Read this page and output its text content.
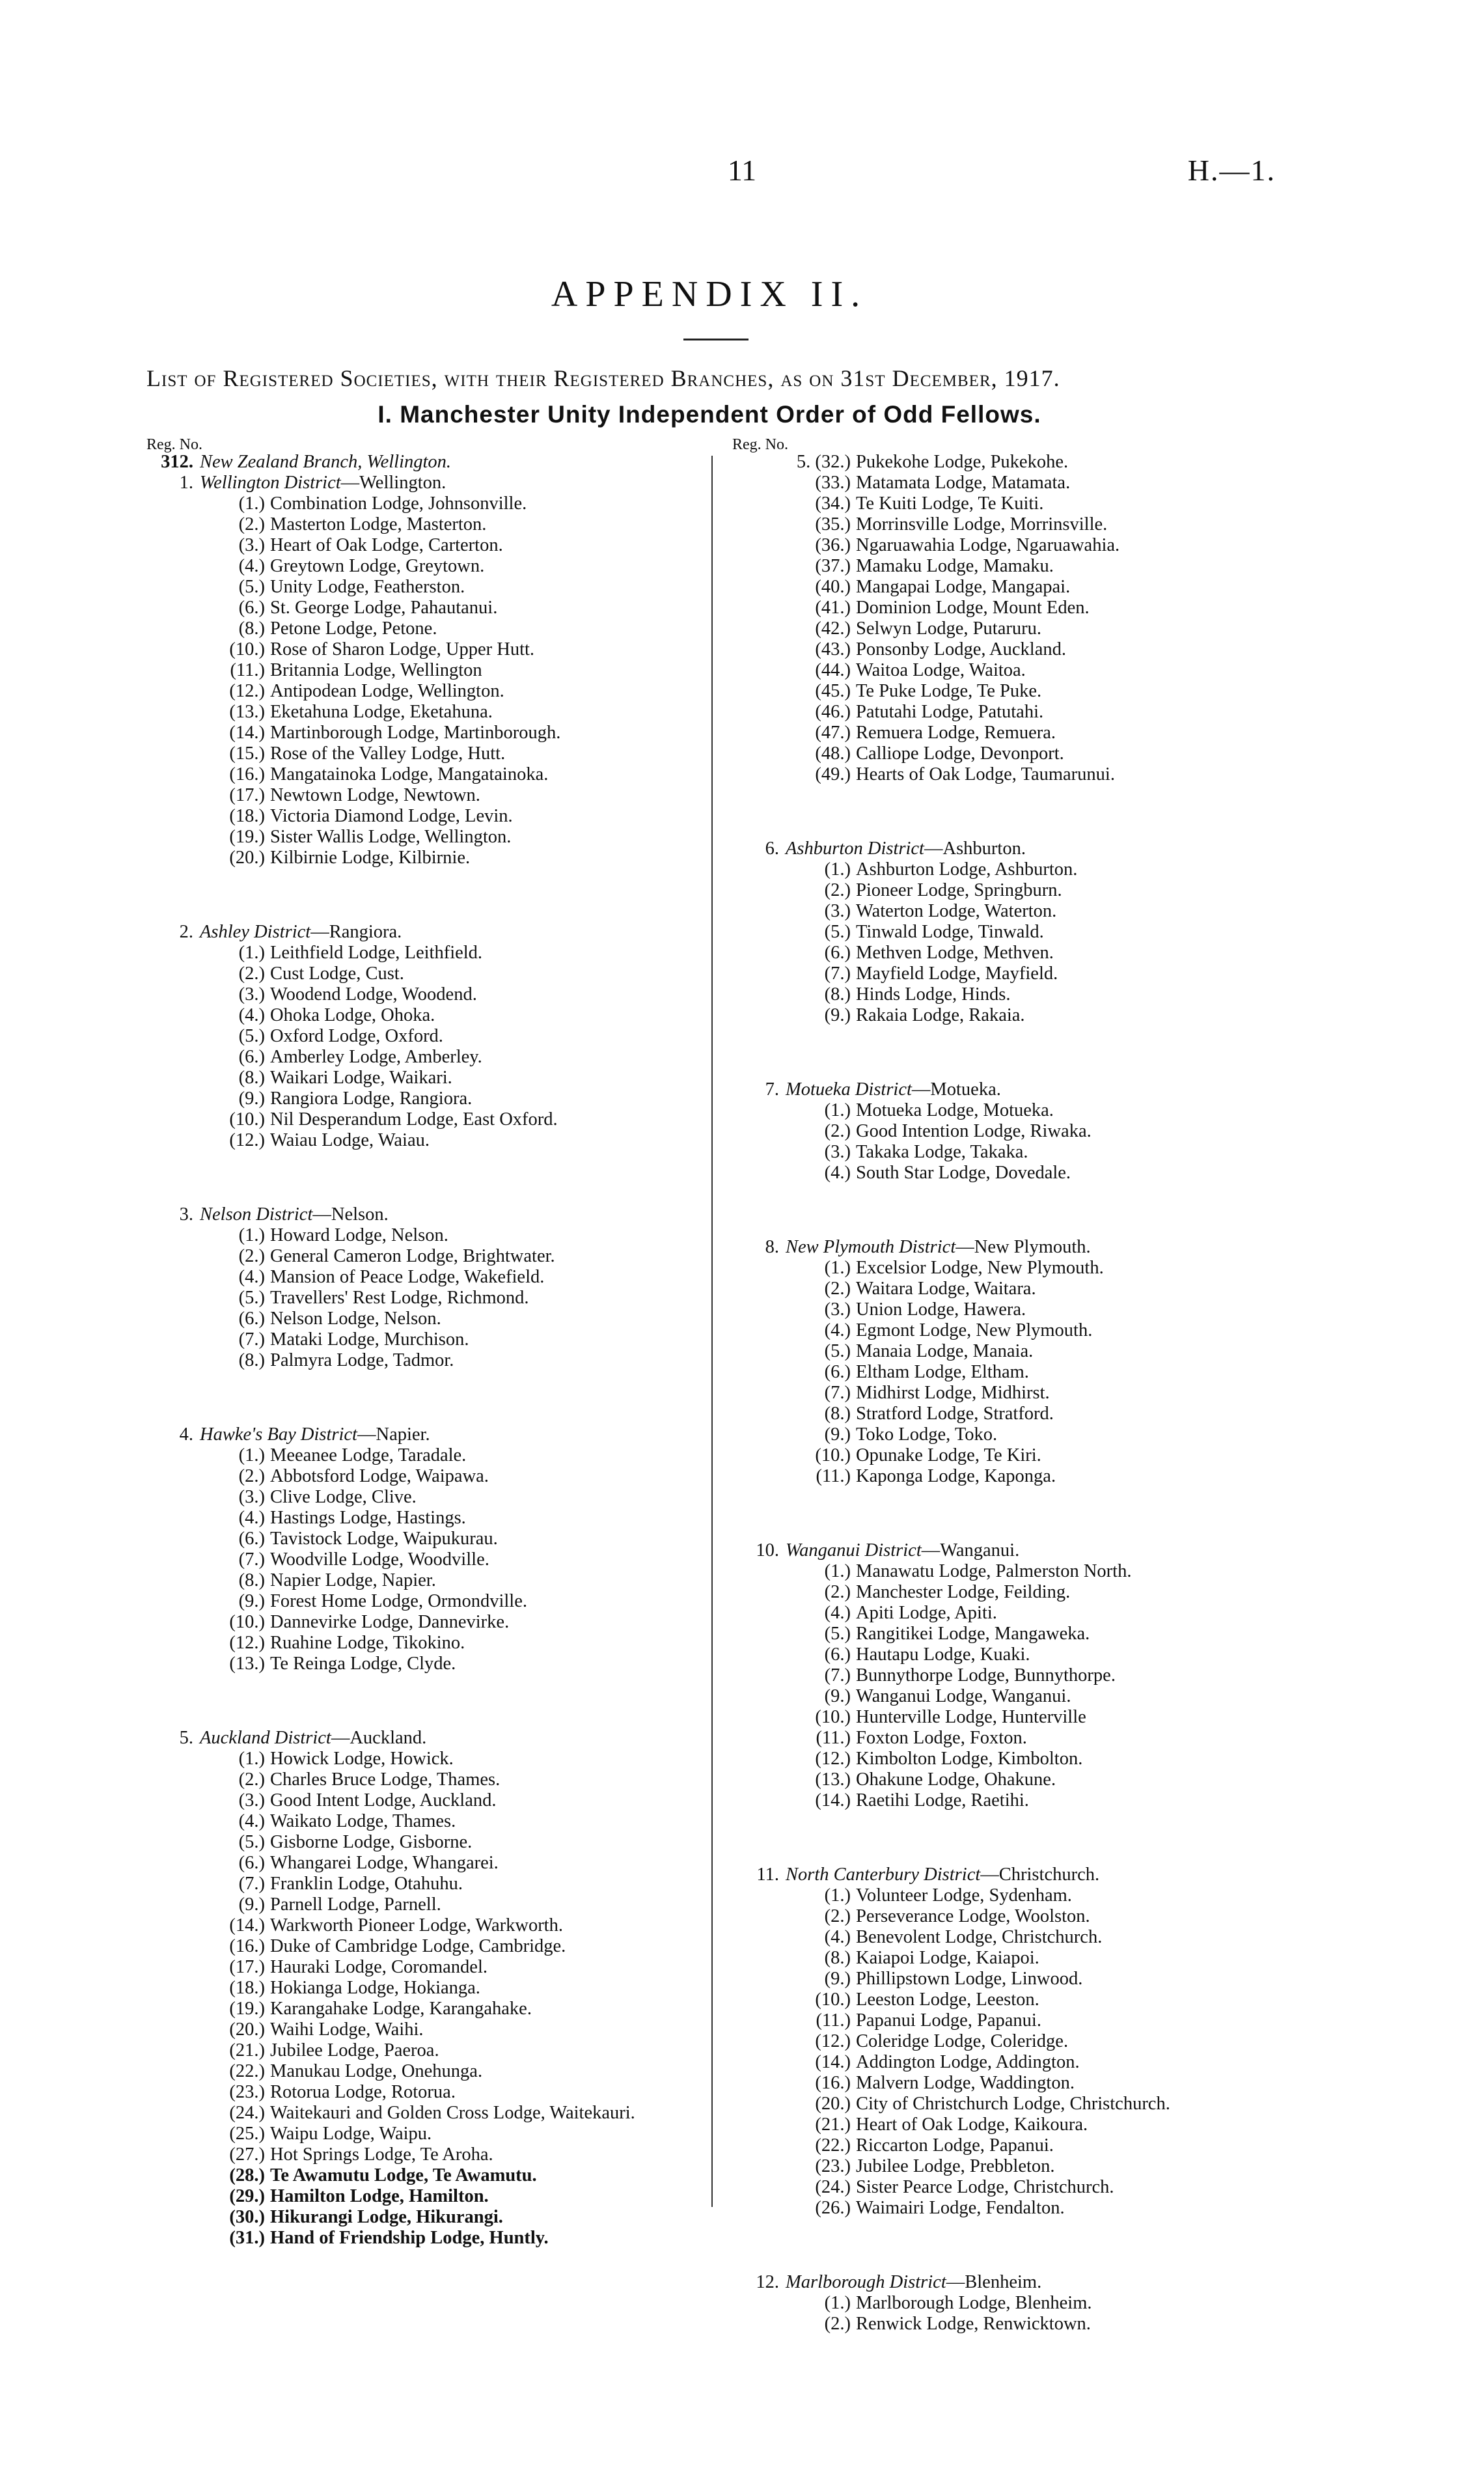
11	H.—1.
APPENDIX II.
List of Registered Societies, with their Registered Branches, as on 31st December, 1917.
I. Manchester Unity Independent Order of Odd Fellows.
Reg. No.	Reg. No.
312. New Zealand Branch, Wellington.
1. Wellington District—Wellington.
(1.) Combination Lodge, Johnsonville.
(2.) Masterton Lodge, Masterton.
(3.) Heart of Oak Lodge, Carterton.
(4.) Greytown Lodge, Greytown.
(5.) Unity Lodge, Featherston.
(6.) St. George Lodge, Pahautanui.
(8.) Petone Lodge, Petone.
(10.) Rose of Sharon Lodge, Upper Hutt.
(11.) Britannia Lodge, Wellington
(12.) Antipodean Lodge, Wellington.
(13.) Eketahuna Lodge, Eketahuna.
(14.) Martinborough Lodge, Martinborough.
(15.) Rose of the Valley Lodge, Hutt.
(16.) Mangatainoka Lodge, Mangatainoka.
(17.) Newtown Lodge, Newtown.
(18.) Victoria Diamond Lodge, Levin.
(19.) Sister Wallis Lodge, Wellington.
(20.) Kilbirnie Lodge, Kilbirnie.
2. Ashley District—Rangiora.
(1.) Leithfield Lodge, Leithfield.
(2.) Cust Lodge, Cust.
(3.) Woodend Lodge, Woodend.
(4.) Ohoka Lodge, Ohoka.
(5.) Oxford Lodge, Oxford.
(6.) Amberley Lodge, Amberley.
(8.) Waikari Lodge, Waikari.
(9.) Rangiora Lodge, Rangiora.
(10.) Nil Desperandum Lodge, East Oxford.
(12.) Waiau Lodge, Waiau.
3. Nelson District—Nelson.
(1.) Howard Lodge, Nelson.
(2.) General Cameron Lodge, Brightwater.
(4.) Mansion of Peace Lodge, Wakefield.
(5.) Travellers' Rest Lodge, Richmond.
(6.) Nelson Lodge, Nelson.
(7.) Mataki Lodge, Murchison.
(8.) Palmyra Lodge, Tadmor.
4. Hawke's Bay District—Napier.
(1.) Meeanee Lodge, Taradale.
(2.) Abbotsford Lodge, Waipawa.
(3.) Clive Lodge, Clive.
(4.) Hastings Lodge, Hastings.
(6.) Tavistock Lodge, Waipukurau.
(7.) Woodville Lodge, Woodville.
(8.) Napier Lodge, Napier.
(9.) Forest Home Lodge, Ormondville.
(10.) Dannevirke Lodge, Dannevirke.
(12.) Ruahine Lodge, Tikokino.
(13.) Te Reinga Lodge, Clyde.
5. Auckland District—Auckland.
(1.) Howick Lodge, Howick.
(2.) Charles Bruce Lodge, Thames.
(3.) Good Intent Lodge, Auckland.
(4.) Waikato Lodge, Thames.
(5.) Gisborne Lodge, Gisborne.
(6.) Whangarei Lodge, Whangarei.
(7.) Franklin Lodge, Otahuhu.
(9.) Parnell Lodge, Parnell.
(14.) Warkworth Pioneer Lodge, Warkworth.
(16.) Duke of Cambridge Lodge, Cambridge.
(17.) Hauraki Lodge, Coromandel.
(18.) Hokianga Lodge, Hokianga.
(19.) Karangahake Lodge, Karangahake.
(20.) Waihi Lodge, Waihi.
(21.) Jubilee Lodge, Paeroa.
(22.) Manukau Lodge, Onehunga.
(23.) Rotorua Lodge, Rotorua.
(24.) Waitekauri and Golden Cross Lodge, Waitekauri.
(25.) Waipu Lodge, Waipu.
(27.) Hot Springs Lodge, Te Aroha.
(28.) Te Awamutu Lodge, Te Awamutu.
(29.) Hamilton Lodge, Hamilton.
(30.) Hikurangi Lodge, Hikurangi.
(31.) Hand of Friendship Lodge, Huntly.
5. (32.) Pukekohe Lodge, Pukekohe.
(33.) Matamata Lodge, Matamata.
(34.) Te Kuiti Lodge, Te Kuiti.
(35.) Morrinsville Lodge, Morrinsville.
(36.) Ngaruawahia Lodge, Ngaruawahia.
(37.) Mamaku Lodge, Mamaku.
(40.) Mangapai Lodge, Mangapai.
(41.) Dominion Lodge, Mount Eden.
(42.) Selwyn Lodge, Putaruru.
(43.) Ponsonby Lodge, Auckland.
(44.) Waitoa Lodge, Waitoa.
(45.) Te Puke Lodge, Te Puke.
(46.) Patutahi Lodge, Patutahi.
(47.) Remuera Lodge, Remuera.
(48.) Calliope Lodge, Devonport.
(49.) Hearts of Oak Lodge, Taumarunui.
6. Ashburton District—Ashburton.
(1.) Ashburton Lodge, Ashburton.
(2.) Pioneer Lodge, Springburn.
(3.) Waterton Lodge, Waterton.
(5.) Tinwald Lodge, Tinwald.
(6.) Methven Lodge, Methven.
(7.) Mayfield Lodge, Mayfield.
(8.) Hinds Lodge, Hinds.
(9.) Rakaia Lodge, Rakaia.
7. Motueka District—Motueka.
(1.) Motueka Lodge, Motueka.
(2.) Good Intention Lodge, Riwaka.
(3.) Takaka Lodge, Takaka.
(4.) South Star Lodge, Dovedale.
8. New Plymouth District—New Plymouth.
(1.) Excelsior Lodge, New Plymouth.
(2.) Waitara Lodge, Waitara.
(3.) Union Lodge, Hawera.
(4.) Egmont Lodge, New Plymouth.
(5.) Manaia Lodge, Manaia.
(6.) Eltham Lodge, Eltham.
(7.) Midhirst Lodge, Midhirst.
(8.) Stratford Lodge, Stratford.
(9.) Toko Lodge, Toko.
(10.) Opunake Lodge, Te Kiri.
(11.) Kaponga Lodge, Kaponga.
10. Wanganui District—Wanganui.
(1.) Manawatu Lodge, Palmerston North.
(2.) Manchester Lodge, Feilding.
(4.) Apiti Lodge, Apiti.
(5.) Rangitikei Lodge, Mangaweka.
(6.) Hautapu Lodge, Kuaki.
(7.) Bunnythorpe Lodge, Bunnythorpe.
(9.) Wanganui Lodge, Wanganui.
(10.) Hunterville Lodge, Hunterville
(11.) Foxton Lodge, Foxton.
(12.) Kimbolton Lodge, Kimbolton.
(13.) Ohakune Lodge, Ohakune.
(14.) Raetihi Lodge, Raetihi.
11. North Canterbury District—Christchurch.
(1.) Volunteer Lodge, Sydenham.
(2.) Perseverance Lodge, Woolston.
(4.) Benevolent Lodge, Christchurch.
(8.) Kaiapoi Lodge, Kaiapoi.
(9.) Phillipstown Lodge, Linwood.
(10.) Leeston Lodge, Leeston.
(11.) Papanui Lodge, Papanui.
(12.) Coleridge Lodge, Coleridge.
(14.) Addington Lodge, Addington.
(16.) Malvern Lodge, Waddington.
(20.) City of Christchurch Lodge, Christchurch.
(21.) Heart of Oak Lodge, Kaikoura.
(22.) Riccarton Lodge, Papanui.
(23.) Jubilee Lodge, Prebbleton.
(24.) Sister Pearce Lodge, Christchurch.
(26.) Waimairi Lodge, Fendalton.
12. Marlborough District—Blenheim.
(1.) Marlborough Lodge, Blenheim.
(2.) Renwick Lodge, Renwicktown.
